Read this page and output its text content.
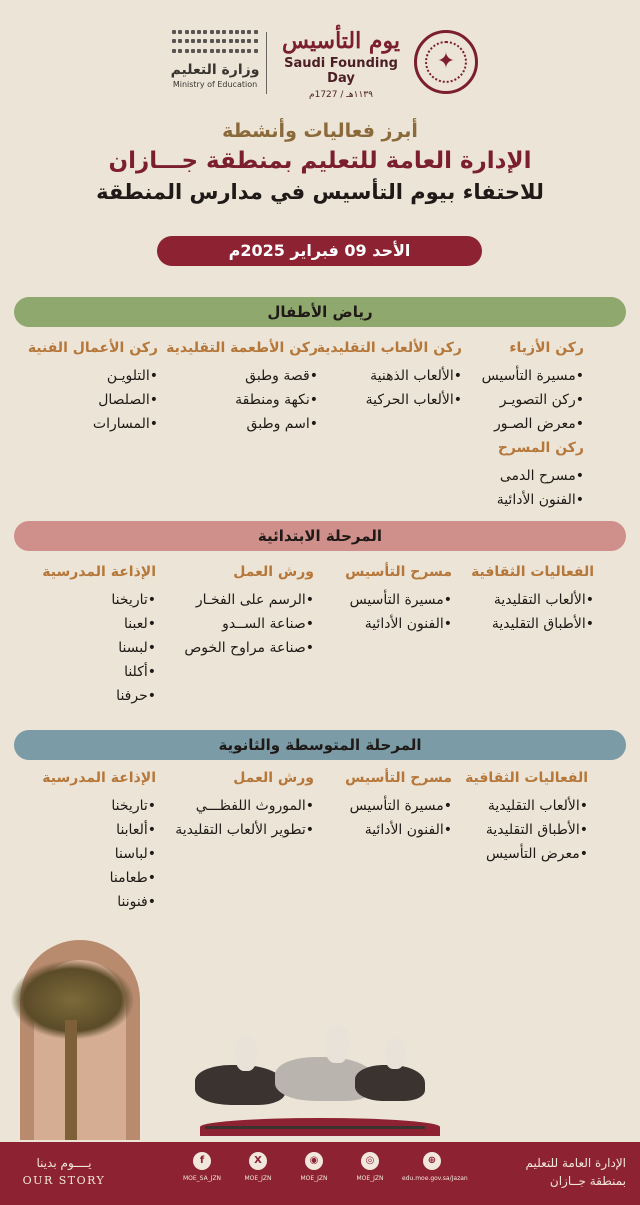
وزارة التعليم
Ministry of Education
يوم التأسيس
Saudi Founding Day
١١٣٩هـ / 1727م
✦
أبرز فعاليات وأنشطة
الإدارة العامة للتعليم بمنطقة جـــازان
للاحتفاء بيوم التأسيس في مدارس المنطقة
الأحد 09 فبراير 2025م
رياض الأطفال
ركن الأزياء
•مسيرة التأسيس
•ركن التصويـر
•معرض الصـور
ركن الألعاب التقليدية
•الألعاب الذهنية
•الألعاب الحركية
ركن الأطعمة التقليدية
•قصة وطبق
•نكهة ومنطقة
•اسم وطبق
ركن الأعمال الفنية
•التلويـن
•الصلصال
•المسارات
ركن المسرح
•مسرح الدمى
•الفنون الأدائية
المرحلة الابتدائية
الفعاليات الثقافية
•الألعاب التقليدية
•الأطباق التقليدية
مسرح التأسيس
•مسيرة التأسيس
•الفنون الأدائية
ورش العمل
•الرسم على الفخـار
•صناعة الســدو
•صناعة مراوح الخوص
الإذاعة المدرسية
•تاريخنا
•لعبنا
•لبسنا
•أكلنا
•حرفنا
المرحلة المتوسطة والثانوية
الفعاليات الثقافية
•الألعاب التقليدية
•الأطباق التقليدية
•معرض التأسيس
مسرح التأسيس
•مسيرة التأسيس
•الفنون الأدائية
ورش العمل
•الموروث اللفظـــي
•تطوير الألعاب التقليدية
الإذاعة المدرسية
•تاريخنا
•ألعابنا
•لباسنا
•طعامنا
•فنوننا
يــــوم بدينا
OUR STORY
f
MOE_SA_JZN
X
MOE_JZN
◉
MOE_JZN
◎
MOE_JZN
⊕
edu.moe.gov.sa/Jazan
الإدارة العامة للتعليم
بمنطقة جــازان
